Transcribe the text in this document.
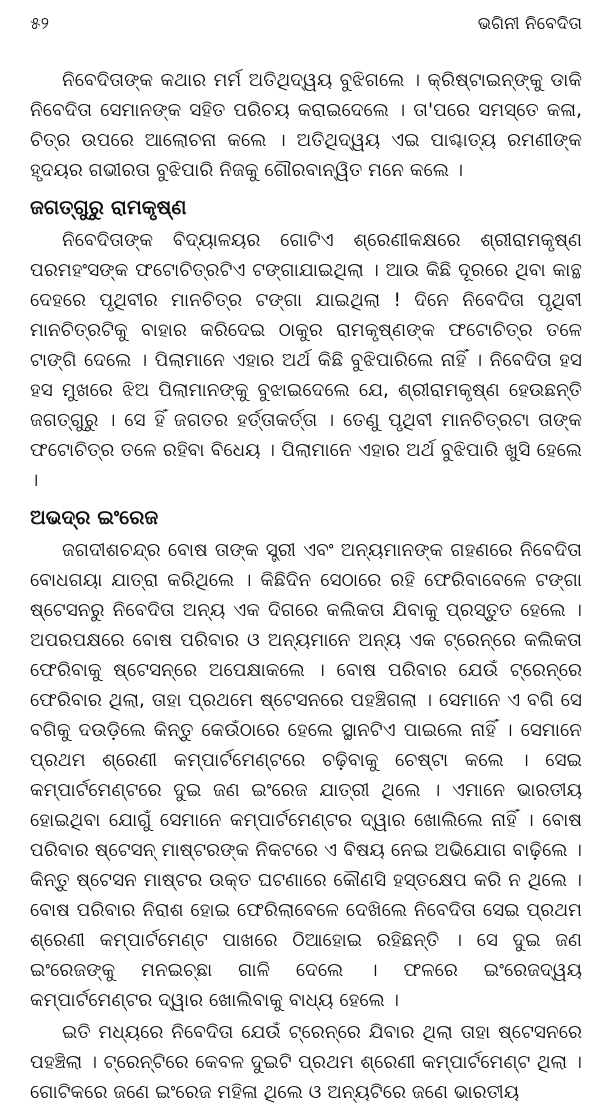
୫୨	ଭଗିନୀ ନିବେଦିତା

ନିବେଦିତାଙ୍କ କଥାର ମର୍ମ ଅତିଥିଦ୍ୱୟ ବୁଝିଗଲେ । କ୍ରିଷ୍ଟାଇନ୍‌ଙ୍କୁ ଡାକି ନିବେଦିତା ସେମାନଙ୍କ ସହିତ ପରିଚୟ କରାଇଦେଲେ । ତା'ପରେ ସମସ୍ତେ କଳା, ଚିତ୍ର ଉପରେ ଆଲୋଚନା କଲେ । ଅତିଥିଦ୍ୱୟ ଏଇ ପାଶ୍ଚାତ୍ୟ ରମଣୀଙ୍କ ହୃଦୟର ଗଭୀରତା ବୁଝିପାରି ନିଜକୁ ଗୌରବାନ୍ୱିତ ମନେ କଲେ ।

ଜଗତ୍‌ଗୁରୁ ରାମକୃଷ୍ଣ

ନିବେଦିତାଙ୍କ ବିଦ୍ୟାଳୟର ଗୋଟିଏ ଶ୍ରେଣୀକକ୍ଷରେ ଶ୍ରୀରାମକୃଷ୍ଣ ପରମହଂସଙ୍କ ଫଟୋଚିତ୍ରଟିଏ ଟଙ୍ଗାଯାଇଥିଲା । ଆଉ କିଛି ଦୂରରେ ଥିବା କାନ୍ଥ ଦେହରେ ପୃଥିବୀର ମାନଚିତ୍ର ଟଙ୍ଗା ଯାଇଥିଲା ! ଦିନେ ନିବେଦିତା ପୃଥିବୀ ମାନଚିତ୍ରଟିକୁ ବାହାର କରିଦେଇ ଠାକୁର ରାମକୃଷ୍ଣଙ୍କ ଫଟୋଚିତ୍ର ତଳେ ଟାଙ୍ଗି ଦେଲେ । ପିଲାମାନେ ଏହାର ଅର୍ଥ କିଛି ବୁଝିପାରିଲେ ନାହିଁ । ନିବେଦିତା ହସ ହସ ମୁଖରେ ଝିଅ ପିଲାମାନଙ୍କୁ ବୁଝାଇଦେଲେ ଯେ, ଶ୍ରୀରାମକୃଷ୍ଣ ହେଉଛନ୍ତି ଜଗତ୍‌ଗୁରୁ । ସେ ହିଁ ଜଗତର ହର୍ତ୍ତାକର୍ତ୍ତା । ତେଣୁ ପୃଥିବୀ ମାନଚିତ୍ରଟା ତାଙ୍କ ଫଟୋଚିତ୍ର ତଳେ ରହିବା ବିଧେୟ । ପିଲାମାନେ ଏହାର ଅର୍ଥ ବୁଝିପାରି ଖୁସି ହେଲେ ।

ଅଭଦ୍ର ଇଂରେଜ

ଜଗଦୀଶଚନ୍ଦ୍ର ବୋଷ ତାଙ୍କ ସ୍ତ୍ରୀ ଏବଂ ଅନ୍ୟମାନଙ୍କ ଗହଣରେ ନିବେଦିତା ବୋଧଗୟା ଯାତ୍ରା କରିଥିଲେ । କିଛିଦିନ ସେଠାରେ ରହି ଫେରିବାବେଳେ ଟଙ୍ଗା ଷ୍ଟେସନରୁ ନିବେଦିତା ଅନ୍ୟ ଏକ ଦିଗରେ କଲିକତା ଯିବାକୁ ପ୍ରସ୍ତୁତ ହେଲେ । ଅପରପକ୍ଷରେ ବୋଷ ପରିବାର ଓ ଅନ୍ୟମାନେ ଅନ୍ୟ ଏକ ଟ୍ରେନ୍‌ରେ କଲିକତା ଫେରିବାକୁ ଷ୍ଟେସନ୍‌ରେ ଅପେକ୍ଷାକଲେ । ବୋଷ ପରିବାର ଯେଉଁ ଟ୍ରେନ୍‌ରେ ଫେରିବାର ଥିଲା, ତାହା ପ୍ରଥମେ ଷ୍ଟେସନରେ ପହଞ୍ଚିଗଲା । ସେମାନେ ଏ ବଗି ସେ ବଗିକୁ ଦଉଡ଼ିଲେ କିନ୍ତୁ କେଉଁଠାରେ ହେଲେ ସ୍ଥାନଟିଏ ପାଇଲେ ନାହିଁ । ସେମାନେ ପ୍ରଥମ ଶ୍ରେଣୀ କମ୍ପାର୍ଟମେଣ୍ଟରେ ଚଢ଼ିବାକୁ ଚେଷ୍ଟା କଲେ । ସେଇ କମ୍ପାର୍ଟମେଣ୍ଟରେ ଦୁଇ ଜଣ ଇଂରେଜ ଯାତ୍ରୀ ଥିଲେ । ଏମାନେ ଭାରତୀୟ ହୋଇଥିବା ଯୋଗୁଁ ସେମାନେ କମ୍ପାର୍ଟମେଣ୍ଟର ଦ୍ୱାର ଖୋଲିଲେ ନାହିଁ । ବୋଷ ପରିବାର ଷ୍ଟେସନ୍ ମାଷ୍ଟରଙ୍କ ନିକଟରେ ଏ ବିଷୟ ନେଇ ଅଭିଯୋଗ ବାଢ଼ିଲେ । କିନ୍ତୁ ଷ୍ଟେସନ ମାଷ୍ଟର ଉକ୍ତ ଘଟଣାରେ କୌଣସି ହସ୍ତକ୍ଷେପ କରି ନ ଥିଲେ । ବୋଷ ପରିବାର ନିରାଶ ହୋଇ ଫେରିଲାବେଳେ ଦେଖିଲେ ନିବେଦିତା ସେଇ ପ୍ରଥମ ଶ୍ରେଣୀ କମ୍ପାର୍ଟମେଣ୍ଟ ପାଖରେ ଠିଆହୋଇ ରହିଛନ୍ତି । ସେ ଦୁଇ ଜଣ ଇଂରେଜଙ୍କୁ ମନଇଚ୍ଛା ଗାଳି ଦେଲେ । ଫଳରେ ଇଂରେଜଦ୍ୱୟ କମ୍ପାର୍ଟମେଣ୍ଟର ଦ୍ୱାର ଖୋଲିବାକୁ ବାଧ୍ୟ ହେଲେ ।

ଇତି ମଧ୍ୟରେ ନିବେଦିତା ଯେଉଁ ଟ୍ରେନ୍‌ରେ ଯିବାର ଥିଲା ତାହା ଷ୍ଟେସନରେ ପହଞ୍ଚିଲା । ଟ୍ରେନ୍‌ଟିରେ କେବଳ ଦୁଇଟି ପ୍ରଥମ ଶ୍ରେଣୀ କମ୍ପାର୍ଟମେଣ୍ଟ ଥିଲା । ଗୋଟିକରେ ଜଣେ ଇଂରେଜ ମହିଳା ଥିଲେ ଓ ଅନ୍ୟଟିରେ ଜଣେ ଭାରତୀୟ
